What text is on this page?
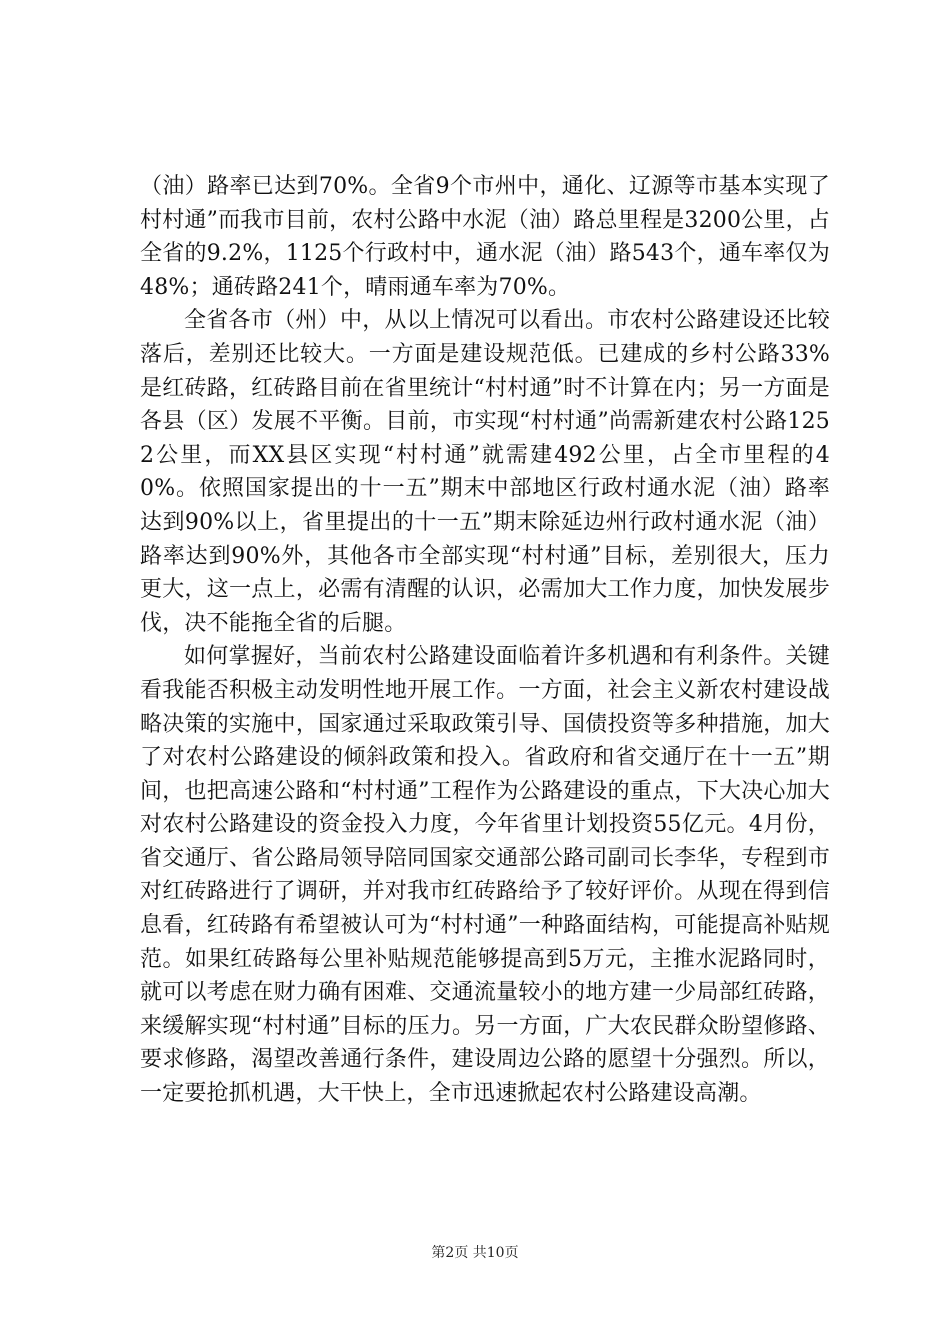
（油）路率已达到70%。全省9个市州中，通化、辽源等市基本实现了村村通”而我市目前，农村公路中水泥（油）路总里程是3200公里，占全省的9.2%，1125个行政村中，通水泥（油）路543个，通车率仅为48%；通砖路241个，晴雨通车率为70%。

全省各市（州）中，从以上情况可以看出。市农村公路建设还比较落后，差别还比较大。一方面是建设规范低。已建成的乡村公路33%是红砖路，红砖路目前在省里统计“村村通”时不计算在内；另一方面是各县（区）发展不平衡。目前，市实现“村村通”尚需新建农村公路1252公里，而XX县区实现“村村通”就需建492公里，占全市里程的40%。依照国家提出的十一五”期末中部地区行政村通水泥（油）路率达到90%以上，省里提出的十一五”期末除延边州行政村通水泥（油）路率达到90%外，其他各市全部实现“村村通”目标，差别很大，压力更大，这一点上，必需有清醒的认识，必需加大工作力度，加快发展步伐，决不能拖全省的后腿。

如何掌握好，当前农村公路建设面临着许多机遇和有利条件。关键看我能否积极主动发明性地开展工作。一方面，社会主义新农村建设战略决策的实施中，国家通过采取政策引导、国债投资等多种措施，加大了对农村公路建设的倾斜政策和投入。省政府和省交通厅在十一五”期间，也把高速公路和“村村通”工程作为公路建设的重点，下大决心加大对农村公路建设的资金投入力度，今年省里计划投资55亿元。4月份，省交通厅、省公路局领导陪同国家交通部公路司副司长李华，专程到市对红砖路进行了调研，并对我市红砖路给予了较好评价。从现在得到信息看，红砖路有希望被认可为“村村通”一种路面结构，可能提高补贴规范。如果红砖路每公里补贴规范能够提高到5万元，主推水泥路同时，就可以考虑在财力确有困难、交通流量较小的地方建一少局部红砖路，来缓解实现“村村通”目标的压力。另一方面，广大农民群众盼望修路、要求修路，渴望改善通行条件，建设周边公路的愿望十分强烈。所以，一定要抢抓机遇，大干快上，全市迅速掀起农村公路建设高潮。

第2页 共10页
